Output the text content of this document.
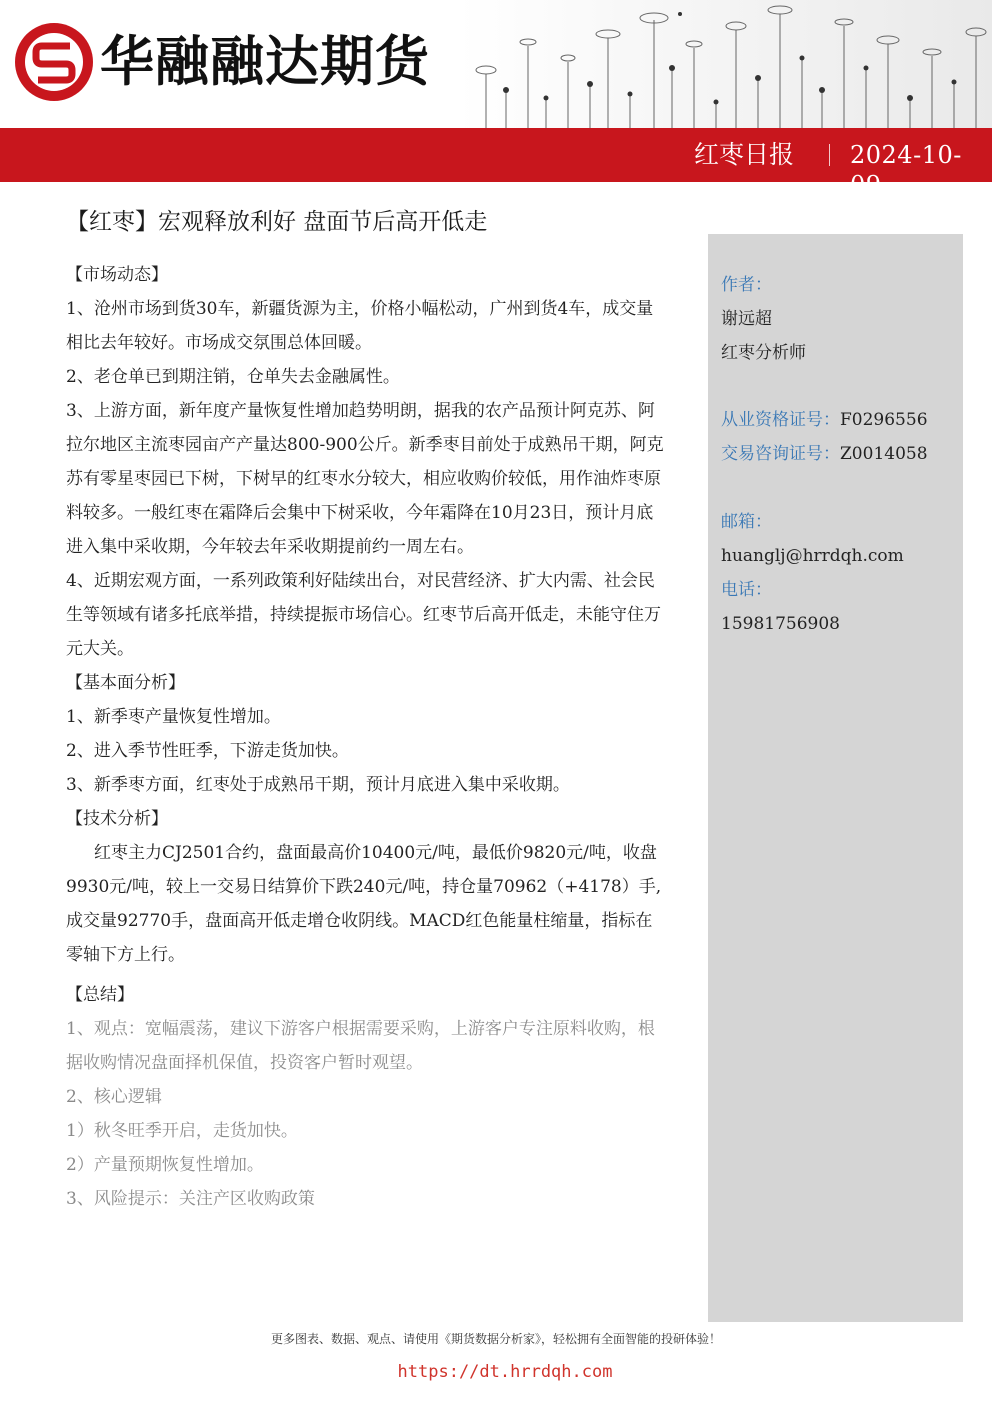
华融融达期货
红枣日报 2024-10-09
【红枣】宏观释放利好 盘面节后高开低走

【市场动态】

1、沧州市场到货30车，新疆货源为主，价格小幅松动，广州到货4车，成交量相比去年较好。市场成交氛围总体回暖。

2、老仓单已到期注销，仓单失去金融属性。

3、上游方面，新年度产量恢复性增加趋势明朗，据我的农产品预计阿克苏、阿拉尔地区主流枣园亩产产量达800-900公斤。新季枣目前处于成熟吊干期，阿克苏有零星枣园已下树，下树早的红枣水分较大，相应收购价较低，用作油炸枣原料较多。一般红枣在霜降后会集中下树采收，今年霜降在10月23日，预计月底进入集中采收期，今年较去年采收期提前约一周左右。

4、近期宏观方面，一系列政策利好陆续出台，对民营经济、扩大内需、社会民生等领域有诸多托底举措，持续提振市场信心。红枣节后高开低走，未能守住万元大关。

【基本面分析】

1、新季枣产量恢复性增加。

2、进入季节性旺季，下游走货加快。

3、新季枣方面，红枣处于成熟吊干期，预计月底进入集中采收期。

【技术分析】

红枣主力CJ2501合约，盘面最高价10400元/吨，最低价9820元/吨，收盘9930元/吨，较上一交易日结算价下跌240元/吨，持仓量70962（+4178）手,成交量92770手，盘面高开低走增仓收阴线。MACD红色能量柱缩量，指标在零轴下方上行。

【总结】

1、观点：宽幅震荡，建议下游客户根据需要采购，上游客户专注原料收购，根据收购情况盘面择机保值，投资客户暂时观望。

2、核心逻辑

1）秋冬旺季开启，走货加快。

2）产量预期恢复性增加。

3、风险提示：关注产区收购政策

作者：
谢远超
红枣分析师
从业资格证号：F0296556
交易咨询证号：Z0014058
邮箱：
huanglj@hrrdqh.com
电话：
15981756908
更多图表、数据、观点、请使用《期货数据分析家》，轻松拥有全面智能的投研体验！
https://dt.hrrdqh.com
